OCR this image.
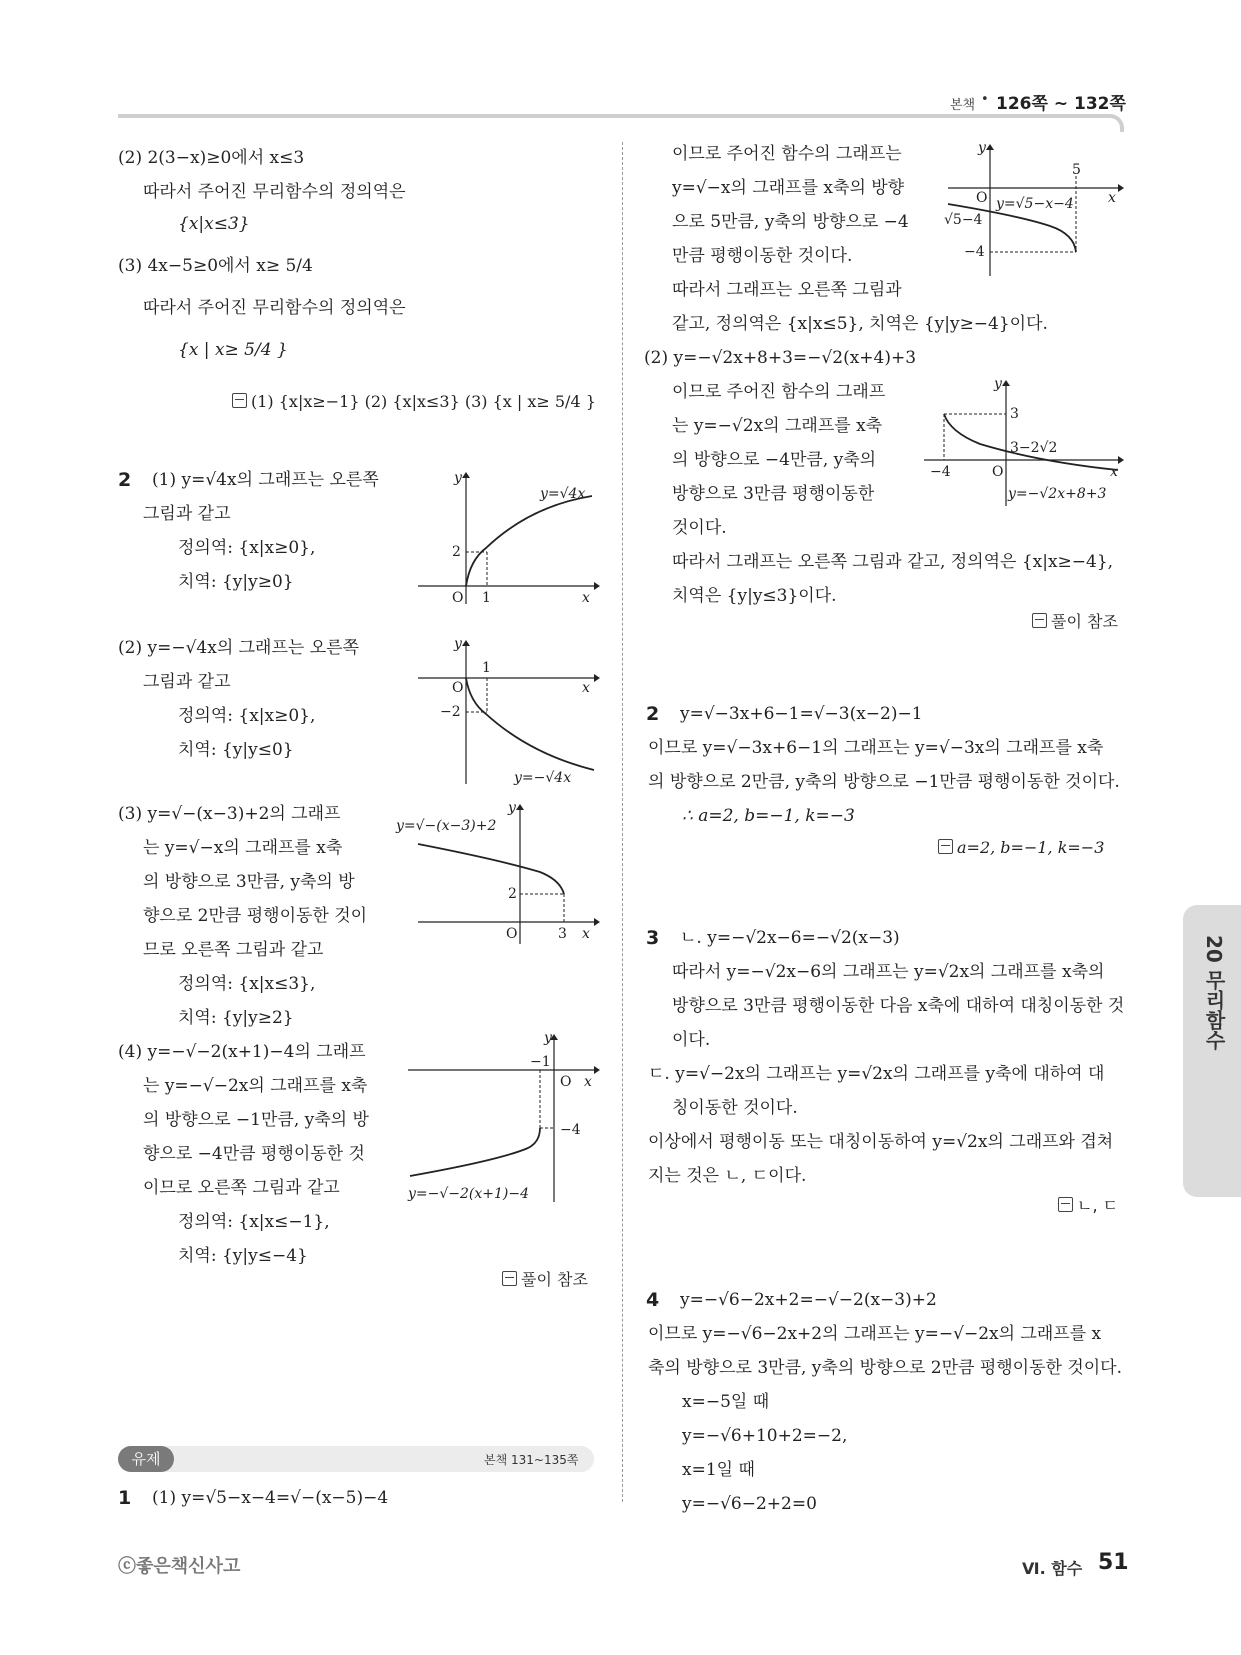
본책 • 126쪽 ~ 132쪽
(2) 2(3−x)≥0에서 x≤3
따라서 주어진 무리함수의 정의역은
{x|x≤3}
(3) 4x−5≥0에서 x≥ 5/4
따라서 주어진 무리함수의 정의역은
{x | x≥ 5/4 }
(1) {x|x≥−1} (2) {x|x≤3} (3) {x | x≥ 5/4 }
2 (1) y=√4x의 그래프는 오른쪽
그림과 같고
정의역: {x|x≥0},
치역: {y|y≥0}
(2) y=−√4x의 그래프는 오른쪽
그림과 같고
정의역: {x|x≥0},
치역: {y|y≤0}
(3) y=√−(x−3)+2의 그래프
는 y=√−x의 그래프를 x축
의 방향으로 3만큼, y축의 방
향으로 2만큼 평행이동한 것이
므로 오른쪽 그림과 같고
정의역: {x|x≤3},
치역: {y|y≥2}
(4) y=−√−2(x+1)−4의 그래프
는 y=−√−2x의 그래프를 x축
의 방향으로 −1만큼, y축의 방
향으로 −4만큼 평행이동한 것
이므로 오른쪽 그림과 같고
정의역: {x|x≤−1},
치역: {y|y≤−4}
풀이 참조
2
1
O	x
y
y=√4x
−2
1
O	x
y
y=−√4x
2
3
O	x
y
y=√−(x−3)+2
−1
−4
O x
y
y=−√−2(x+1)−4
유제	본책 131~135쪽
1 (1) y=√5−x−4=√−(x−5)−4
이므로 주어진 함수의 그래프는
y=√−x의 그래프를 x축의 방향
으로 5만큼, y축의 방향으로 −4
만큼 평행이동한 것이다.
따라서 그래프는 오른쪽 그림과
같고, 정의역은 {x|x≤5}, 치역은 {y|y≥−4}이다.
5
√5−4
−4
O	x
y
y=√5−x−4
(2) y=−√2x+8+3=−√2(x+4)+3
이므로 주어진 함수의 그래프
는 y=−√2x의 그래프를 x축
의 방향으로 −4만큼, y축의
방향으로 3만큼 평행이동한
것이다.
따라서 그래프는 오른쪽 그림과 같고, 정의역은 {x|x≥−4},
치역은 {y|y≤3}이다.
풀이 참조
−4
3
3−2√2
O	x
y
y=−√2x+8+3
2 y=√−3x+6−1=√−3(x−2)−1
이므로 y=√−3x+6−1의 그래프는 y=√−3x의 그래프를 x축
의 방향으로 2만큼, y축의 방향으로 −1만큼 평행이동한 것이다.
∴ a=2, b=−1, k=−3
a=2, b=−1, k=−3
3 ㄴ. y=−√2x−6=−√2(x−3)
따라서 y=−√2x−6의 그래프는 y=√2x의 그래프를 x축의
방향으로 3만큼 평행이동한 다음 x축에 대하여 대칭이동한 것
이다.
ㄷ. y=√−2x의 그래프는 y=√2x의 그래프를 y축에 대하여 대
칭이동한 것이다.
이상에서 평행이동 또는 대칭이동하여 y=√2x의 그래프와 겹쳐
지는 것은 ㄴ, ㄷ이다.
ㄴ, ㄷ
4 y=−√6−2x+2=−√−2(x−3)+2
이므로 y=−√6−2x+2의 그래프는 y=−√−2x의 그래프를 x
축의 방향으로 3만큼, y축의 방향으로 2만큼 평행이동한 것이다.
x=−5일 때
y=−√6+10+2=−2,
x=1일 때
y=−√6−2+2=0
20 무리함수
ⓒ좋은책신사고	Ⅵ. 함수 51
